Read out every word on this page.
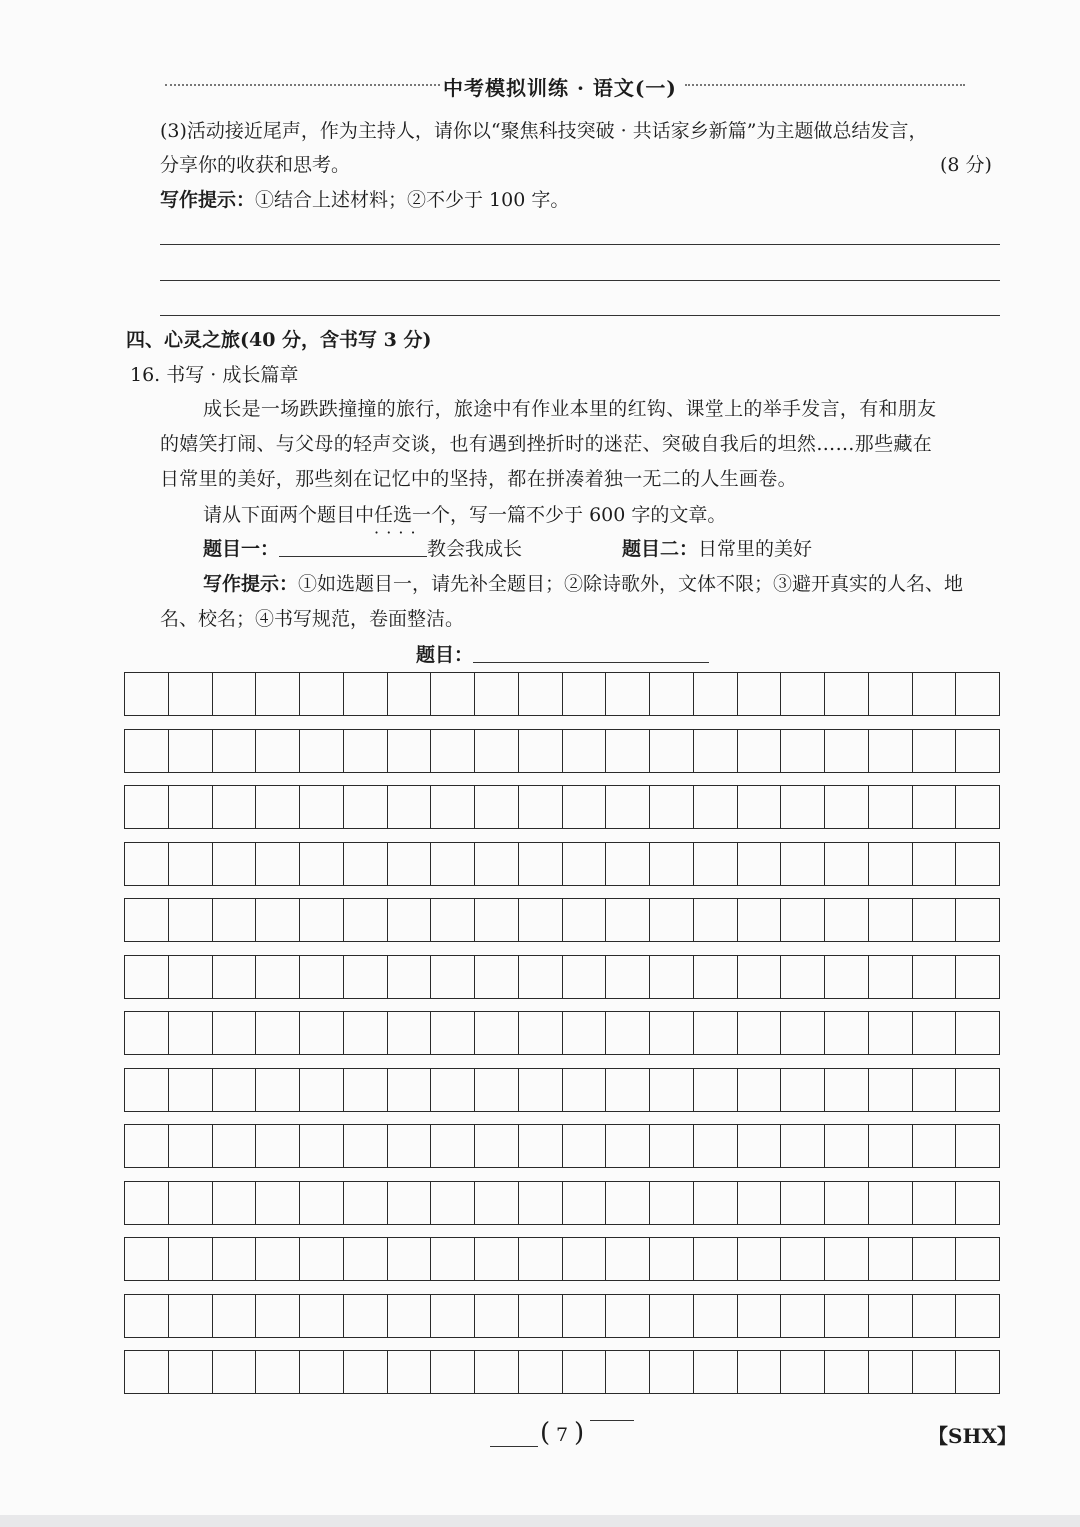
中考模拟训练 · 语文(一)
(3)活动接近尾声，作为主持人，请你以“聚焦科技突破 · 共话家乡新篇”为主题做总结发言，
分享你的收获和思考。	(8 分)
写作提示：①结合上述材料；②不少于 100 字。
四、心灵之旅(40 分，含书写 3 分)
16. 书写 · 成长篇章
成长是一场跌跌撞撞的旅行，旅途中有作业本里的红钩、课堂上的举手发言，有和朋友
的嬉笑打闹、与父母的轻声交谈，也有遇到挫折时的迷茫、突破自我后的坦然……那些藏在
日常里的美好，那些刻在记忆中的坚持，都在拼凑着独一无二的人生画卷。
请从下面两个题目中任选一个 · · · ·，写一篇不少于 600 字的文章。
题目一：	教会我成长	题目二：日常里的美好
写作提示：①如选题目一，请先补全题目；②除诗歌外，文体不限；③避开真实的人名、地
名、校名；④书写规范，卷面整洁。
题目：
( 7 )	【SHX】
